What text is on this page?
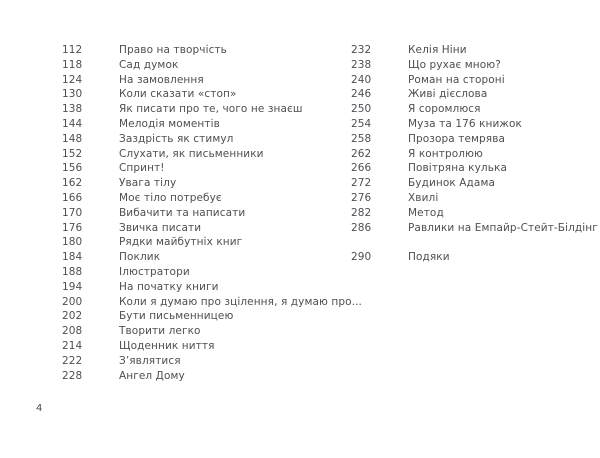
112	Право на творчість
118	Сад думок
124	На замовлення
130	Коли сказати «стоп»
138	Як писати про те, чого не знаєш
144	Мелодія моментів
148	Заздрість як стимул
152	Слухати, як письменники
156	Спринт!
162	Увага тілу
166	Моє тіло потребує
170	Вибачити та написати
176	Звичка писати
180	Рядки майбутніх книг
184	Поклик
188	Ілюстратори
194	На початку книги
200	Коли я думаю про зцілення, я думаю про...
202	Бути письменницею
208	Творити легко
214	Щоденник ниття
222	З’являтися
228	Ангел Дому
232	Келія Ніни
238	Що рухає мною?
240	Роман на стороні
246	Живі дієслова
250	Я соромлюся
254	Муза та 176 книжок
258	Прозора темрява
262	Я контролюю
266	Повітряна кулька
272	Будинок Адама
276	Хвилі
282	Метод
286	Равлики на Емпайр-Стейт-Білдінг
290	Подяки
4
